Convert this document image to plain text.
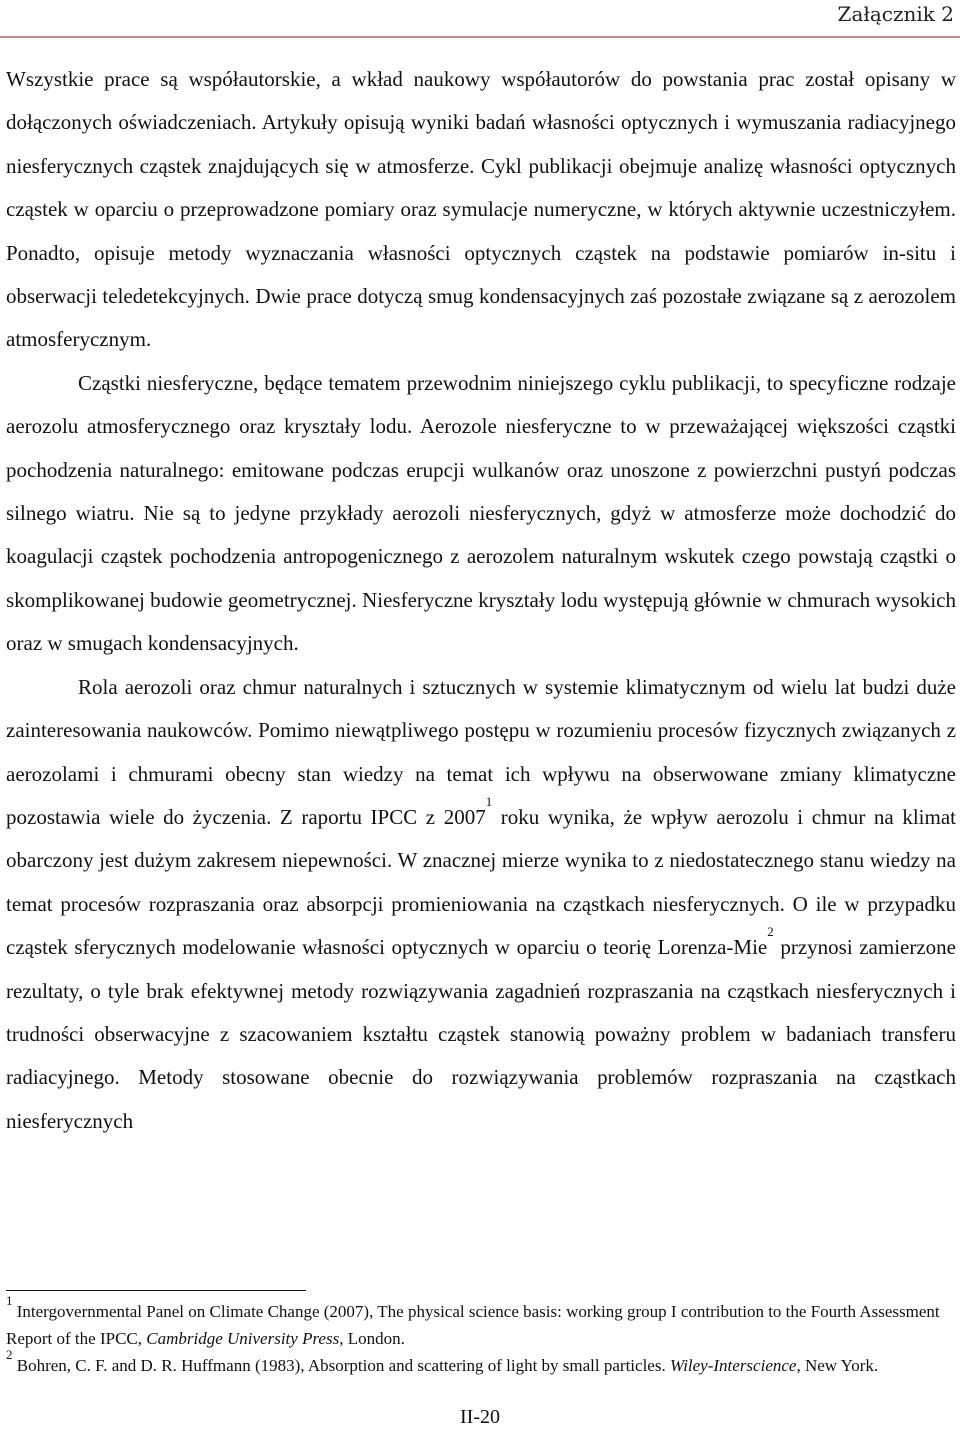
Załącznik 2

Wszystkie prace są współautorskie, a wkład naukowy współautorów do powstania prac został opisany w dołączonych oświadczeniach. Artykuły opisują wyniki badań własności optycznych i wymuszania radiacyjnego niesferycznych cząstek znajdujących się w atmosferze. Cykl publikacji obejmuje analizę własności optycznych cząstek w oparciu o przeprowadzone pomiary oraz symulacje numeryczne, w których aktywnie uczestniczyłem. Ponadto, opisuje metody wyznaczania własności optycznych cząstek na podstawie pomiarów in-situ i obserwacji teledetekcyjnych. Dwie prace dotyczą smug kondensacyjnych zaś pozostałe związane są z aerozolem atmosferycznym.

Cząstki niesferyczne, będące tematem przewodnim niniejszego cyklu publikacji, to specyficzne rodzaje aerozolu atmosferycznego oraz kryształy lodu. Aerozole niesferyczne to w przeważającej większości cząstki pochodzenia naturalnego: emitowane podczas erupcji wulkanów oraz unoszone z powierzchni pustyń podczas silnego wiatru. Nie są to jedyne przykłady aerozoli niesferycznych, gdyż w atmosferze może dochodzić do koagulacji cząstek pochodzenia antropogenicznego z aerozolem naturalnym wskutek czego powstają cząstki o skomplikowanej budowie geometrycznej. Niesferyczne kryształy lodu występują głównie w chmurach wysokich oraz w smugach kondensacyjnych.

Rola aerozoli oraz chmur naturalnych i sztucznych w systemie klimatycznym od wielu lat budzi duże zainteresowania naukowców. Pomimo niewątpliwego postępu w rozumieniu procesów fizycznych związanych z aerozolami i chmurami obecny stan wiedzy na temat ich wpływu na obserwowane zmiany klimatyczne pozostawia wiele do życzenia. Z raportu IPCC z 2007$^1$ roku wynika, że wpływ aerozolu i chmur na klimat obarczony jest dużym zakresem niepewności. W znacznej mierze wynika to z niedostatecznego stanu wiedzy na temat procesów rozpraszania oraz absorpcji promieniowania na cząstkach niesferycznych. O ile w przypadku cząstek sferycznych modelowanie własności optycznych w oparciu o teorię Lorenza-Mie$^2$ przynosi zamierzone rezultaty, o tyle brak efektywnej metody rozwiązywania zagadnień rozpraszania na cząstkach niesferycznych i trudności obserwacyjne z szacowaniem kształtu cząstek stanowią poważny problem w badaniach transferu radiacyjnego. Metody stosowane obecnie do rozwiązywania problemów rozpraszania na cząstkach niesferycznych

$^1$ Intergovernmental Panel on Climate Change (2007), The physical science basis: working group I contribution to the Fourth Assessment Report of the IPCC, Cambridge University Press, London.

$^2$ Bohren, C. F. and D. R. Huffmann (1983), Absorption and scattering of light by small particles. Wiley-Interscience, New York.

II-20
